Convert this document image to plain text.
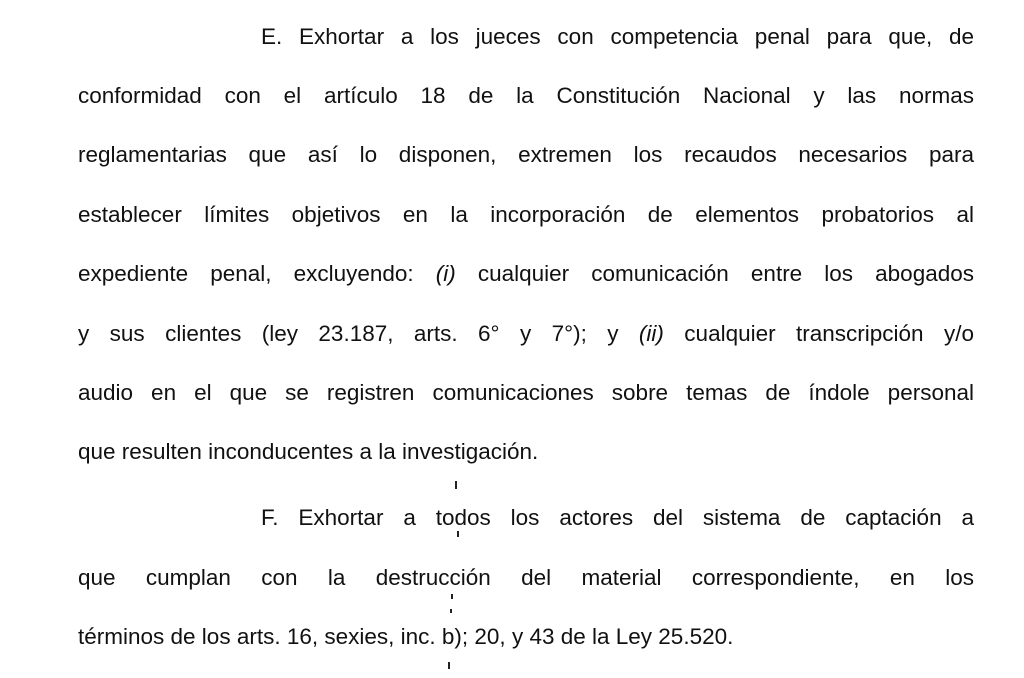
E. Exhortar a los jueces con competencia penal para que, de
conformidad con el artículo 18 de la Constitución Nacional y las normas
reglamentarias que así lo disponen, extremen los recaudos necesarios para
establecer límites objetivos en la incorporación de elementos probatorios al
expediente penal, excluyendo: (i) cualquier comunicación entre los abogados
y sus clientes (ley 23.187, arts. 6° y 7°); y (ii) cualquier transcripción y/o
audio en el que se registren comunicaciones sobre temas de índole personal
que resulten inconducentes a la investigación.
F. Exhortar a todos los actores del sistema de captación a
que cumplan con la destrucción del material correspondiente, en los
términos de los arts. 16, sexies, inc. b); 20, y 43 de la Ley 25.520.
